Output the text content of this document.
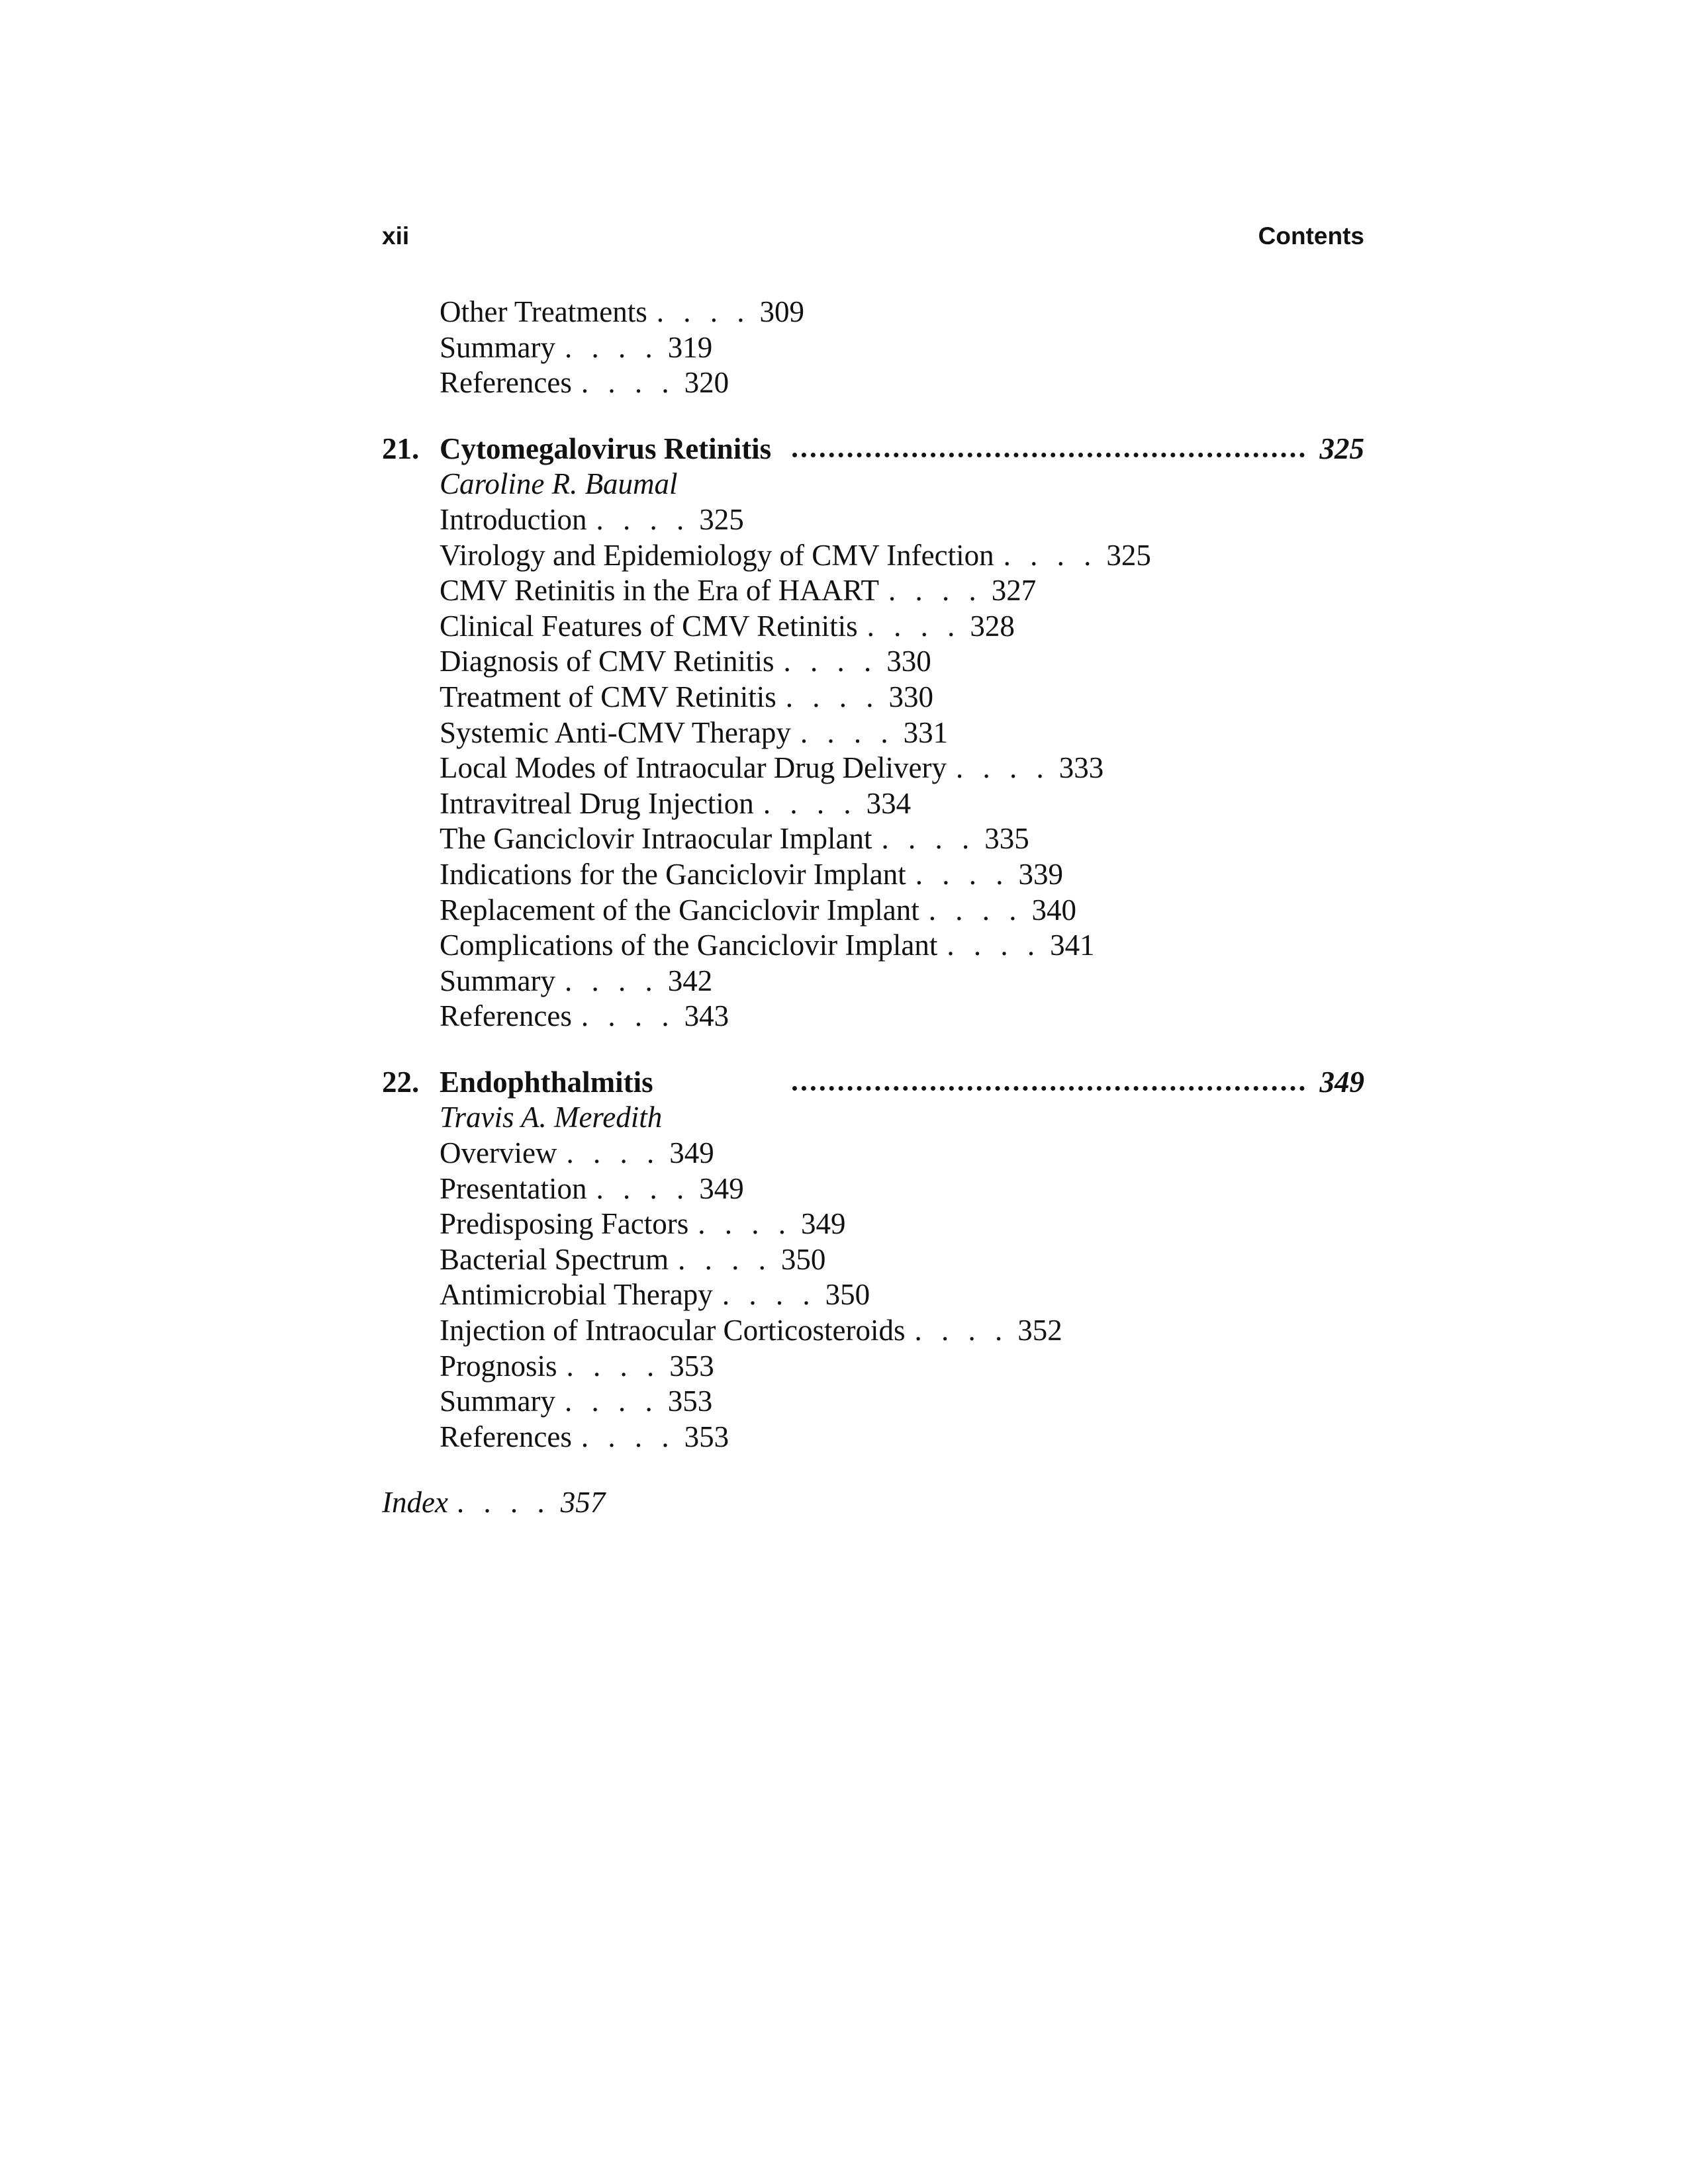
xii	Contents
Other Treatments . . . . 309
Summary . . . . 319
References . . . . 320
21. Cytomegalovirus Retinitis	325
Caroline R. Baumal
Introduction . . . . 325
Virology and Epidemiology of CMV Infection . . . . 325
CMV Retinitis in the Era of HAART . . . . 327
Clinical Features of CMV Retinitis . . . . 328
Diagnosis of CMV Retinitis . . . . 330
Treatment of CMV Retinitis . . . . 330
Systemic Anti-CMV Therapy . . . . 331
Local Modes of Intraocular Drug Delivery . . . . 333
Intravitreal Drug Injection . . . . 334
The Ganciclovir Intraocular Implant . . . . 335
Indications for the Ganciclovir Implant . . . . 339
Replacement of the Ganciclovir Implant . . . . 340
Complications of the Ganciclovir Implant . . . . 341
Summary . . . . 342
References . . . . 343
22. Endophthalmitis	349
Travis A. Meredith
Overview . . . . 349
Presentation . . . . 349
Predisposing Factors . . . . 349
Bacterial Spectrum . . . . 350
Antimicrobial Therapy . . . . 350
Injection of Intraocular Corticosteroids . . . . 352
Prognosis . . . . 353
Summary . . . . 353
References . . . . 353
Index . . . . 357
